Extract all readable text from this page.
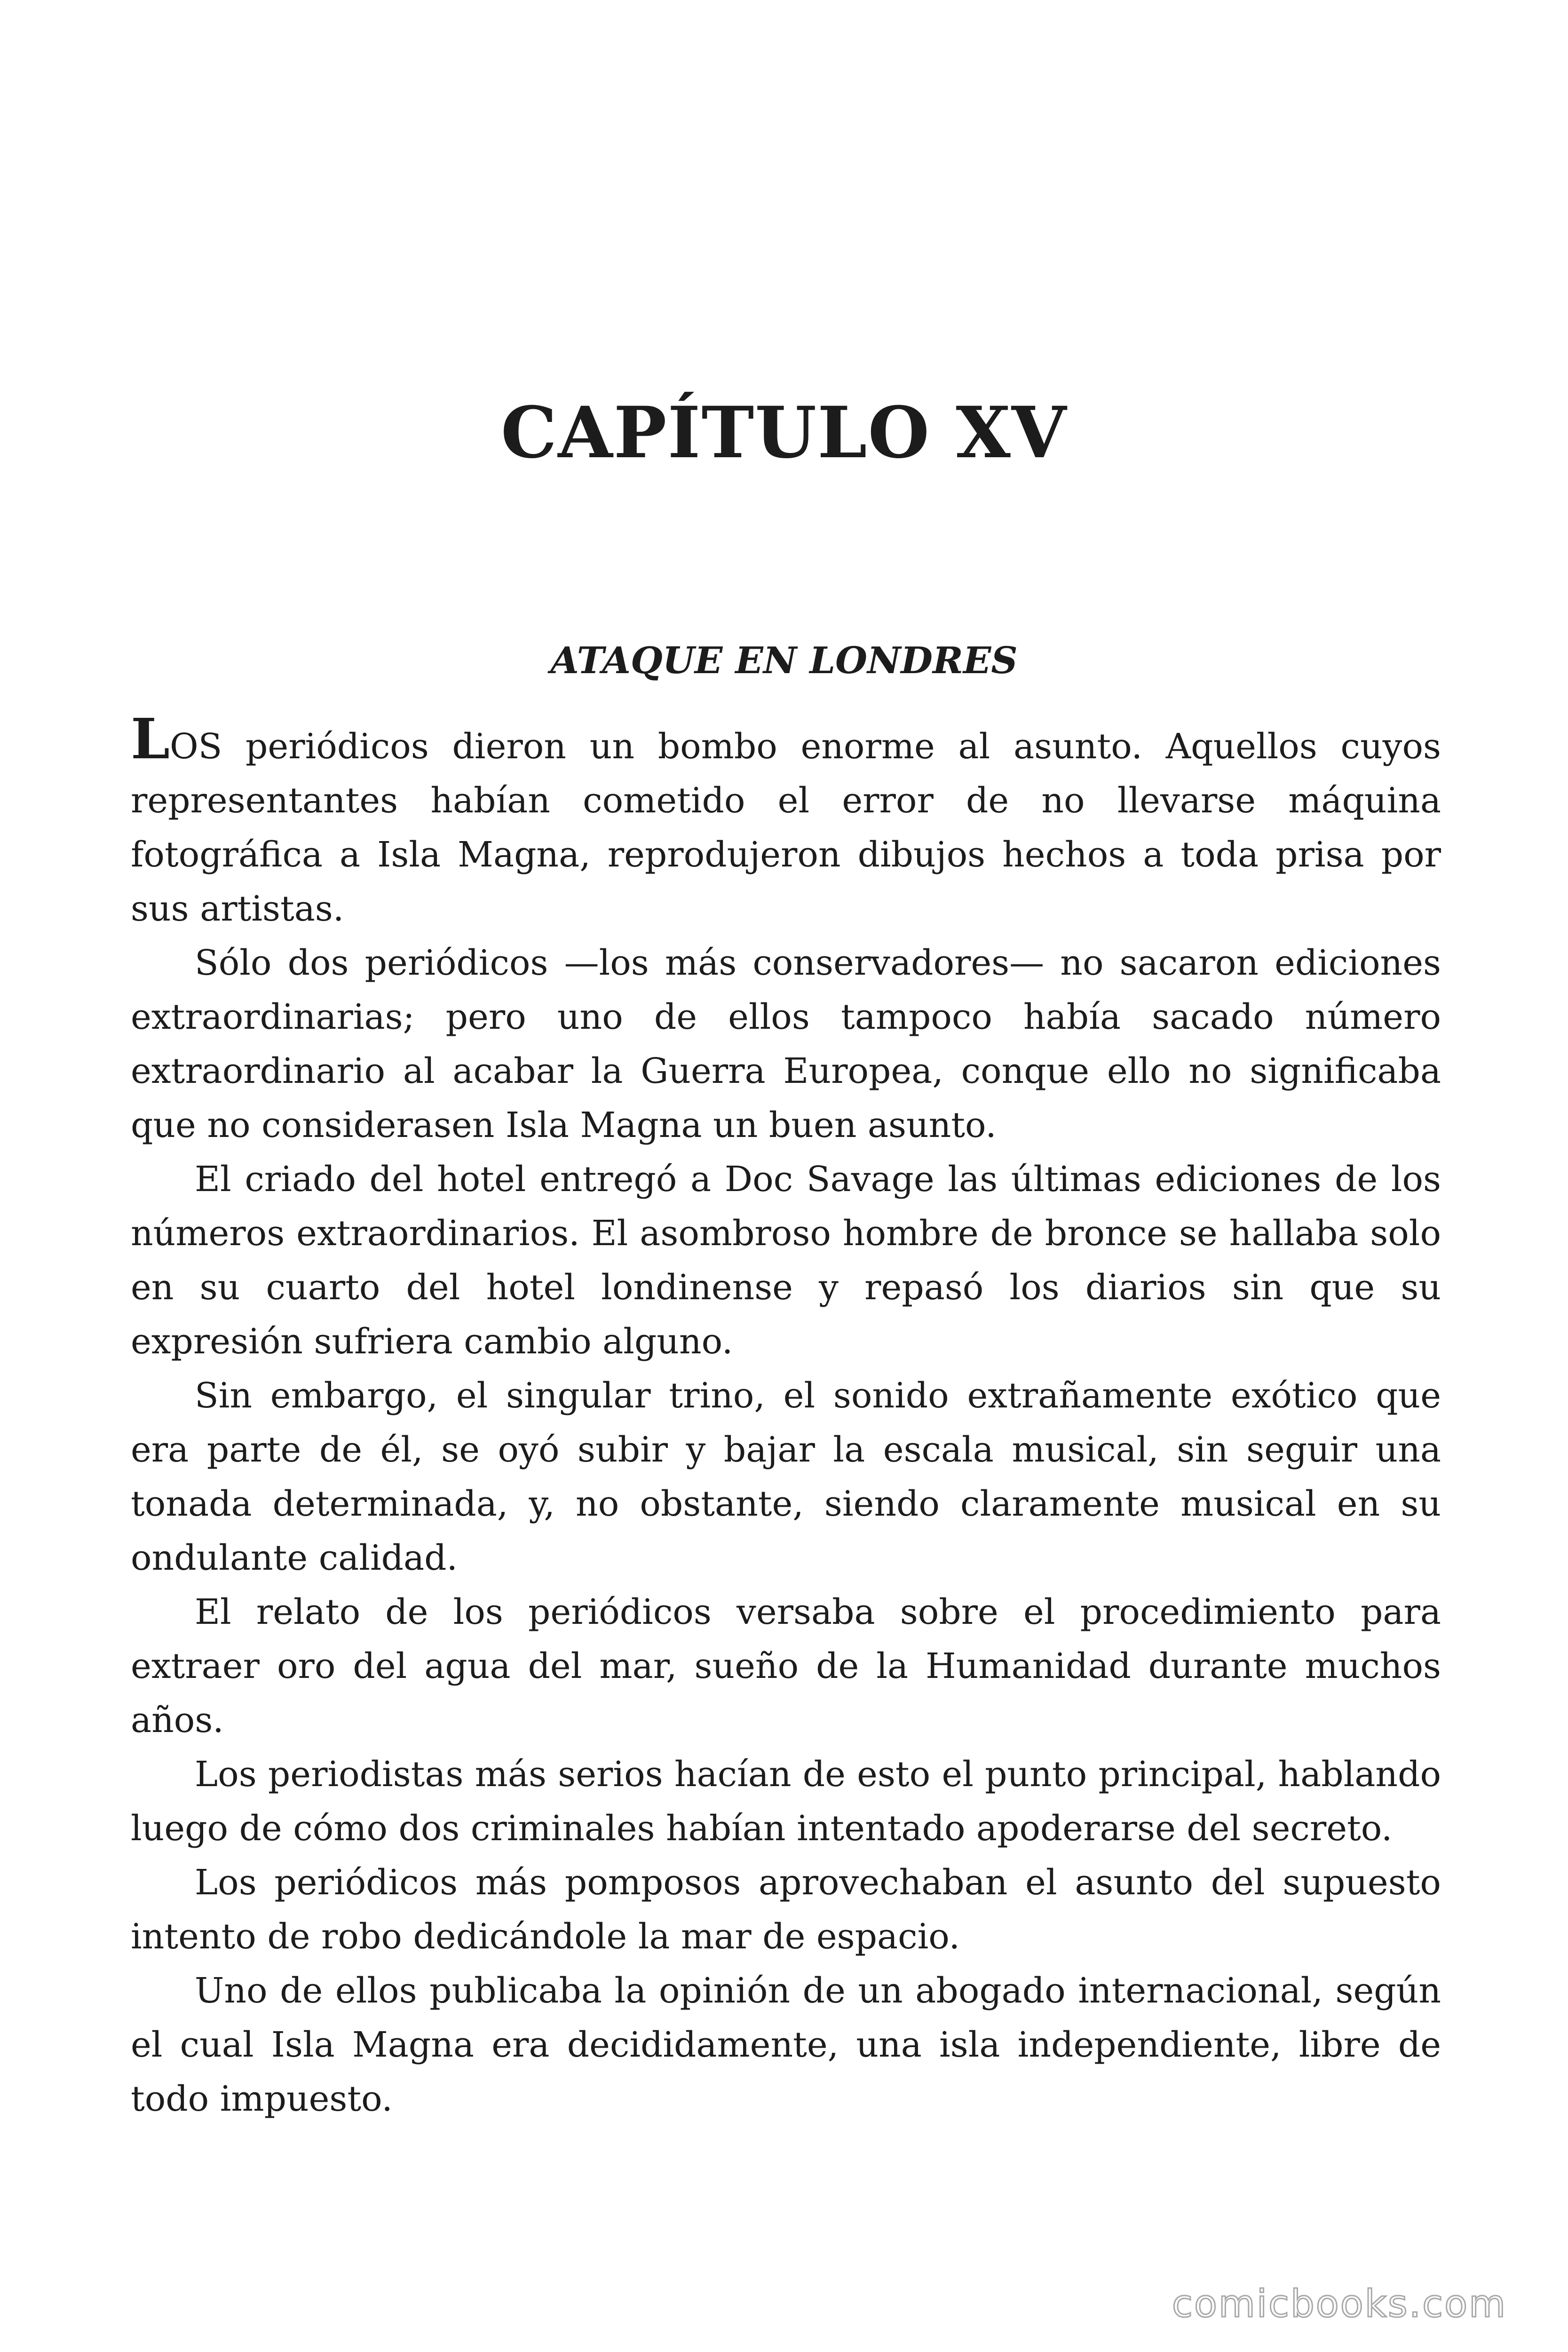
CAPÍTULO XV
ATAQUE EN LONDRES

LOS periódicos dieron un bombo enorme al asunto. Aquellos cuyos representantes habían cometido el error de no llevarse máquina fotográfica a Isla Magna, reprodujeron dibujos hechos a toda prisa por sus artistas.

Sólo dos periódicos —los más conservadores— no sacaron ediciones extraordinarias; pero uno de ellos tampoco había sacado número extraordinario al acabar la Guerra Europea, conque ello no significaba que no considerasen Isla Magna un buen asunto.

El criado del hotel entregó a Doc Savage las últimas ediciones de los números extraordinarios. El asombroso hombre de bronce se hallaba solo en su cuarto del hotel londinense y repasó los diarios sin que su expresión sufriera cambio alguno.

Sin embargo, el singular trino, el sonido extrañamente exótico que era parte de él, se oyó subir y bajar la escala musical, sin seguir una tonada determinada, y, no obstante, siendo claramente musical en su ondulante calidad.

El relato de los periódicos versaba sobre el procedimiento para extraer oro del agua del mar, sueño de la Humanidad durante muchos años.

Los periodistas más serios hacían de esto el punto principal, hablando luego de cómo dos criminales habían intentado apoderarse del secreto.

Los periódicos más pomposos aprovechaban el asunto del supuesto intento de robo dedicándole la mar de espacio.

Uno de ellos publicaba la opinión de un abogado internacional, según el cual Isla Magna era decididamente, una isla independiente, libre de todo impuesto.

comicbooks.com
